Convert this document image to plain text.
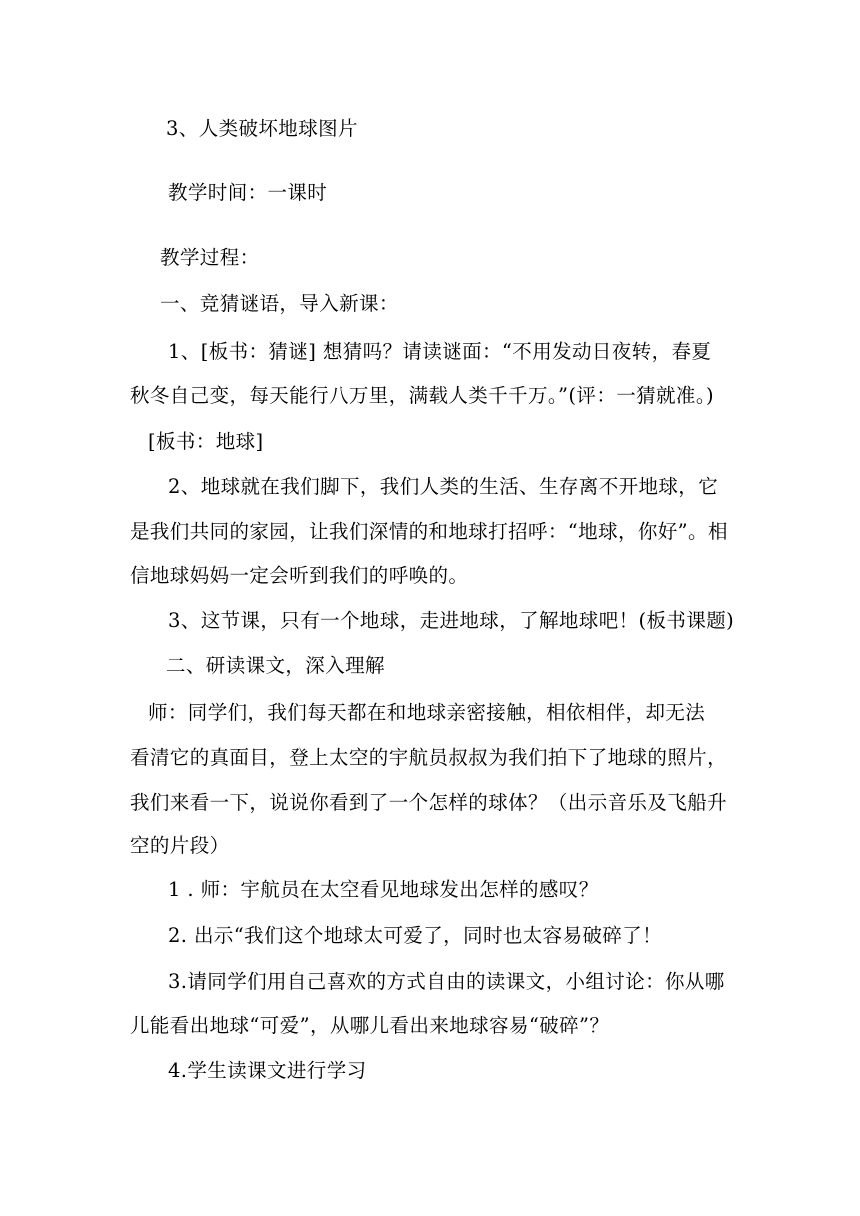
3、人类破坏地球图片
教学时间：一课时
教学过程：
一、竞猜谜语，导入新课：
1、[板书：猜谜] 想猜吗？请读谜面：“不用发动日夜转，春夏
秋冬自己变，每天能行八万里，满载人类千千万。”(评：一猜就准。)
[板书：地球]
2、地球就在我们脚下，我们人类的生活、生存离不开地球，它
是我们共同的家园，让我们深情的和地球打招呼：“地球，你好”。相
信地球妈妈一定会听到我们的呼唤的。
3、这节课，只有一个地球，走进地球，了解地球吧！(板书课题)
二、研读课文，深入理解
师：同学们，我们每天都在和地球亲密接触，相依相伴，却无法
看清它的真面目，登上太空的宇航员叔叔为我们拍下了地球的照片，
我们来看一下，说说你看到了一个怎样的球体？（出示音乐及飞船升
空的片段）
1 . 师：宇航员在太空看见地球发出怎样的感叹？
2. 出示“我们这个地球太可爱了，同时也太容易破碎了！
3.请同学们用自己喜欢的方式自由的读课文，小组讨论：你从哪
儿能看出地球“可爱”，从哪儿看出来地球容易“破碎”？
4.学生读课文进行学习
